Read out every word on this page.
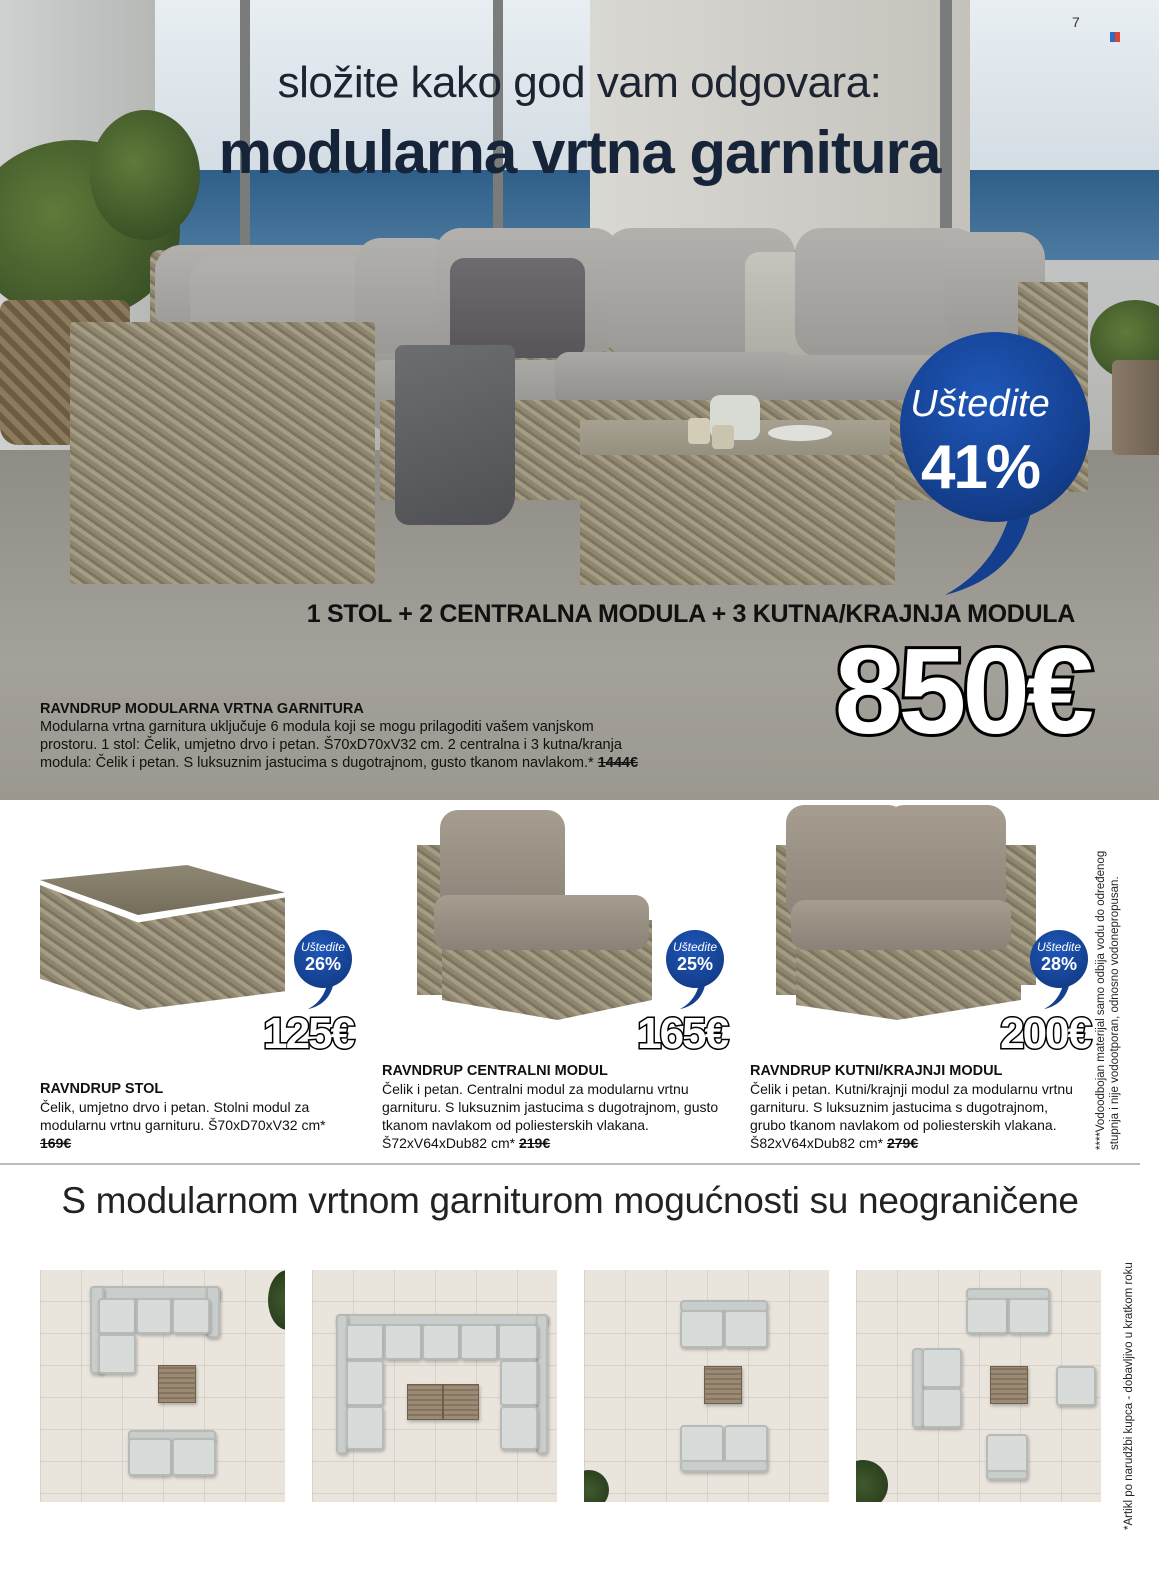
7
složite kako god vam odgovara:
modularna vrtna garnitura
Uštedite
41%
1 STOL + 2 CENTRALNA MODULA + 3 KUTNA/KRAJNJA MODULA
850€
RAVNDRUP MODULARNA VRTNA GARNITURA
Modularna vrtna garnitura uključuje 6 modula koji se mogu prilagoditi vašem vanjskom prostoru. 1 stol: Čelik, umjetno drvo i petan. Š70xD70xV32 cm. 2 centralna i 3 kutna/kranja modula: Čelik i petan. S luksuznim jastucima s dugotrajnom, gusto tkanom navlakom.* 1444€
Uštedite
26%
125€
RAVNDRUP STOL
Čelik, umjetno drvo i petan. Stolni modul za modularnu vrtnu garnituru. Š70xD70xV32 cm* 169€
Uštedite
25%
165€
RAVNDRUP CENTRALNI MODUL
Čelik i petan. Centralni modul za modularnu vrtnu garnituru. S luksuznim jastucima s dugotrajnom, gusto tkanom navlakom od poliesterskih vlakana. Š72xV64xDub82 cm* 219€
Uštedite
28%
200€
RAVNDRUP KUTNI/KRAJNJI MODUL
Čelik i petan. Kutni/krajnji modul za modularnu vrtnu garnituru. S luksuznim jastucima s dugotrajnom, grubo tkanom navlakom od poliesterskih vlakana. Š82xV64xDub82 cm* 279€	****Vodoodbojan materijal samo odbija vodu do određenog stupnja i nije vodootporan, odnosno vodonepropusan.
*Artikl po narudžbi kupca - dobavljivo u kratkom roku
S modularnom vrtnom garniturom mogućnosti su neograničene
